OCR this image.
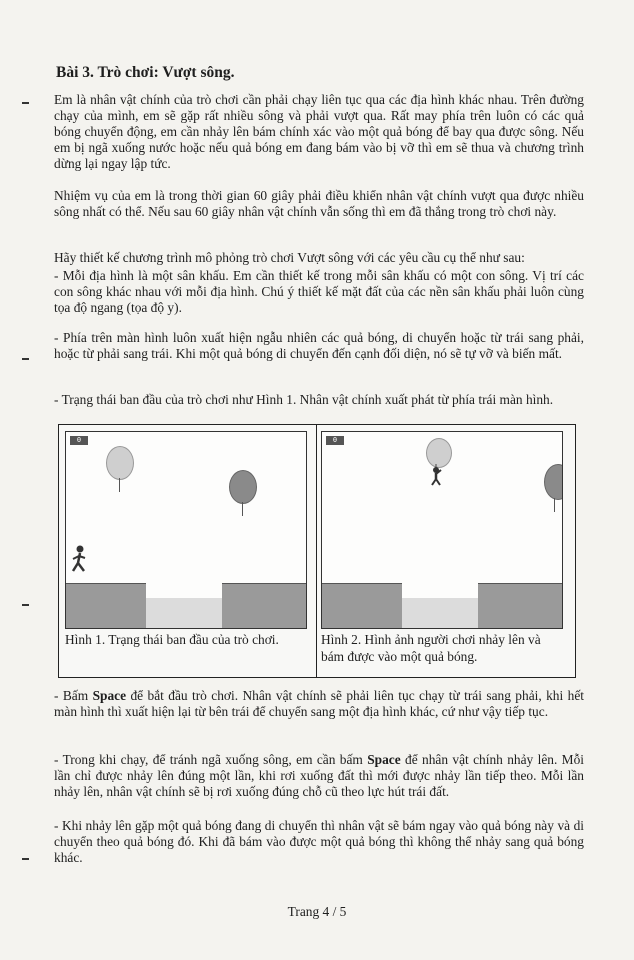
Bài 3. Trò chơi: Vượt sông.
Em là nhân vật chính của trò chơi cần phải chạy liên tục qua các địa hình khác nhau. Trên đường chạy của mình, em sẽ gặp rất nhiều sông và phải vượt qua. Rất may phía trên luôn có các quả bóng chuyển động, em cần nhảy lên bám chính xác vào một quả bóng để bay qua được sông. Nếu em bị ngã xuống nước hoặc nếu quả bóng em đang bám vào bị vỡ thì em sẽ thua và chương trình dừng lại ngay lập tức.
Nhiệm vụ của em là trong thời gian 60 giây phải điều khiển nhân vật chính vượt qua được nhiều sông nhất có thể. Nếu sau 60 giây nhân vật chính vẫn sống thì em đã thắng trong trò chơi này.
Hãy thiết kế chương trình mô phỏng trò chơi Vượt sông với các yêu cầu cụ thể như sau:
- Mỗi địa hình là một sân khấu. Em cần thiết kế trong mỗi sân khấu có một con sông. Vị trí các con sông khác nhau với mỗi địa hình. Chú ý thiết kế mặt đất của các nền sân khấu phải luôn cùng tọa độ ngang (tọa độ y).
- Phía trên màn hình luôn xuất hiện ngẫu nhiên các quả bóng, di chuyển hoặc từ trái sang phải, hoặc từ phải sang trái. Khi một quả bóng di chuyển đến cạnh đối diện, nó sẽ tự vỡ và biến mất.
- Trạng thái ban đầu của trò chơi như Hình 1. Nhân vật chính xuất phát từ phía trái màn hình.
0	0
Hình 1. Trạng thái ban đầu của trò chơi.	Hình 2. Hình ảnh người chơi nhảy lên và bám được vào một quả bóng.
- Bấm Space để bắt đầu trò chơi. Nhân vật chính sẽ phải liên tục chạy từ trái sang phải, khi hết màn hình thì xuất hiện lại từ bên trái để chuyển sang một địa hình khác, cứ như vậy tiếp tục.
- Trong khi chạy, để tránh ngã xuống sông, em cần bấm Space để nhân vật chính nhảy lên. Mỗi lần chỉ được nhảy lên đúng một lần, khi rơi xuống đất thì mới được nhảy lần tiếp theo. Mỗi lần nhảy lên, nhân vật chính sẽ bị rơi xuống đúng chỗ cũ theo lực hút trái đất.
- Khi nhảy lên gặp một quả bóng đang di chuyển thì nhân vật sẽ bám ngay vào quả bóng này và di chuyển theo quả bóng đó. Khi đã bám vào được một quả bóng thì không thể nhảy sang quả bóng khác.
Trang 4 / 5
